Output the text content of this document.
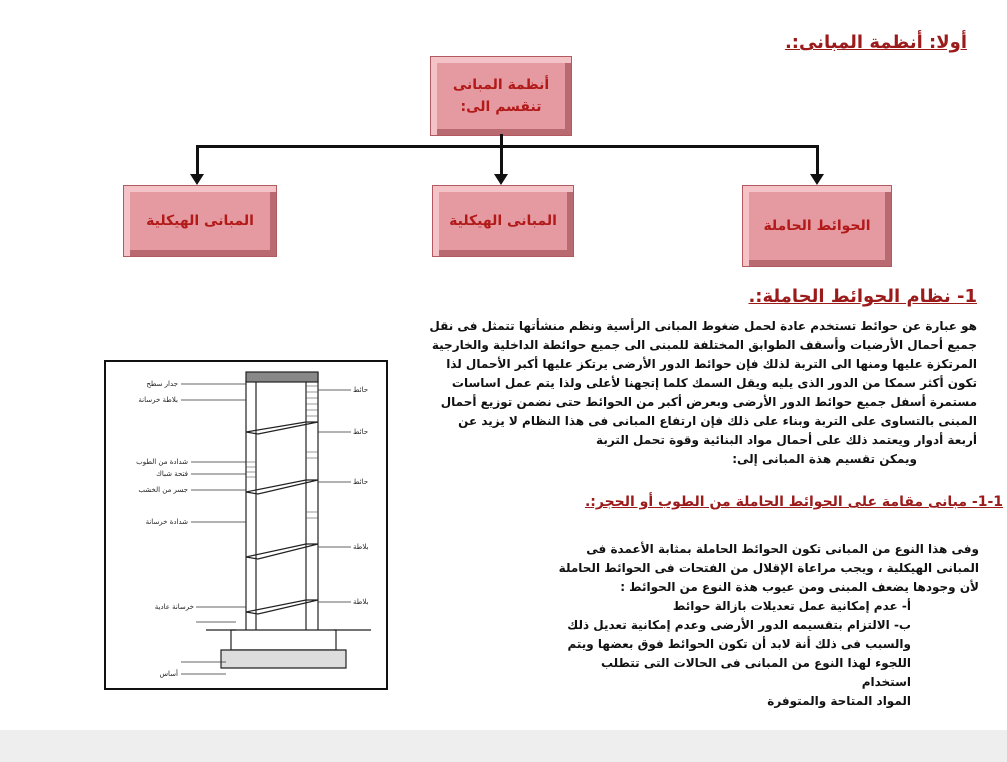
أولا: أنظمة المبانى:.
أنظمة المبانى
تنقسم الى:
الحوائط الحاملة
المبانى الهيكلية
المبانى الهيكلية
1- نظام الحوائط الحاملة:.

هو عبارة عن حوائط تستخدم عادة لحمل ضغوط المبانى الرأسية ونظم منشأتها تتمثل فى نقل

جميع أحمال الأرضيات وأسقف الطوابق المختلفة للمبنى الى جميع حوائطة الداخلية والخارجية

المرتكزة عليها ومنها الى التربة لذلك فإن حوائط الدور الأرضى يرتكز عليها أكبر الأحمال لذا

تكون أكثر سمكا من الدور الذى يليه ويقل السمك كلما إتجهنا لأعلى ولذا يتم عمل اساسات

مستمرة أسفل جميع حوائط الدور الأرضى وبعرض أكبر من الحوائط حتى نضمن توزيع أحمال

المبنى بالتساوى على التربة وبناء على ذلك فإن ارتفاع المبانى فى هذا النظام لا يزيد عن

أربعة أدوار ويعتمد ذلك على أحمال مواد البنائية وقوة تحمل التربة

ويمكن تقسيم هذة المبانى إلى:

1-1- مبانى مقامة على الحوائط الحاملة من الطوب أو الحجر:.

وفى هذا النوع من المبانى تكون الحوائط الحاملة بمثابة الأعمدة فى

المبانى الهيكلية ، ويجب مراعاة الإقلال من الفتحات فى الحوائط الحاملة

لأن وجودها يضعف المبنى ومن عيوب هذة النوع من الحوائط :

أ- عدم إمكانية عمل تعديلات بازالة حوائط

ب- الالتزام بتقسيمه الدور الأرضى وعدم إمكانية تعديل ذلك

والسبب فى ذلك أنة لابد أن تكون الحوائط فوق بعضها ويتم

اللجوء لهذا النوع من المبانى فى الحالات التى تتطلب استخدام

المواد المتاحة والمتوفرة

جدار سطح
بلاطة خرسانة
شدادة من الطوب
فتحة شباك
جسر من الخشب
شدادة خرسانة
خرسانة عادية
أساس
حائط
حائط
حائط
بلاطة
بلاطة
